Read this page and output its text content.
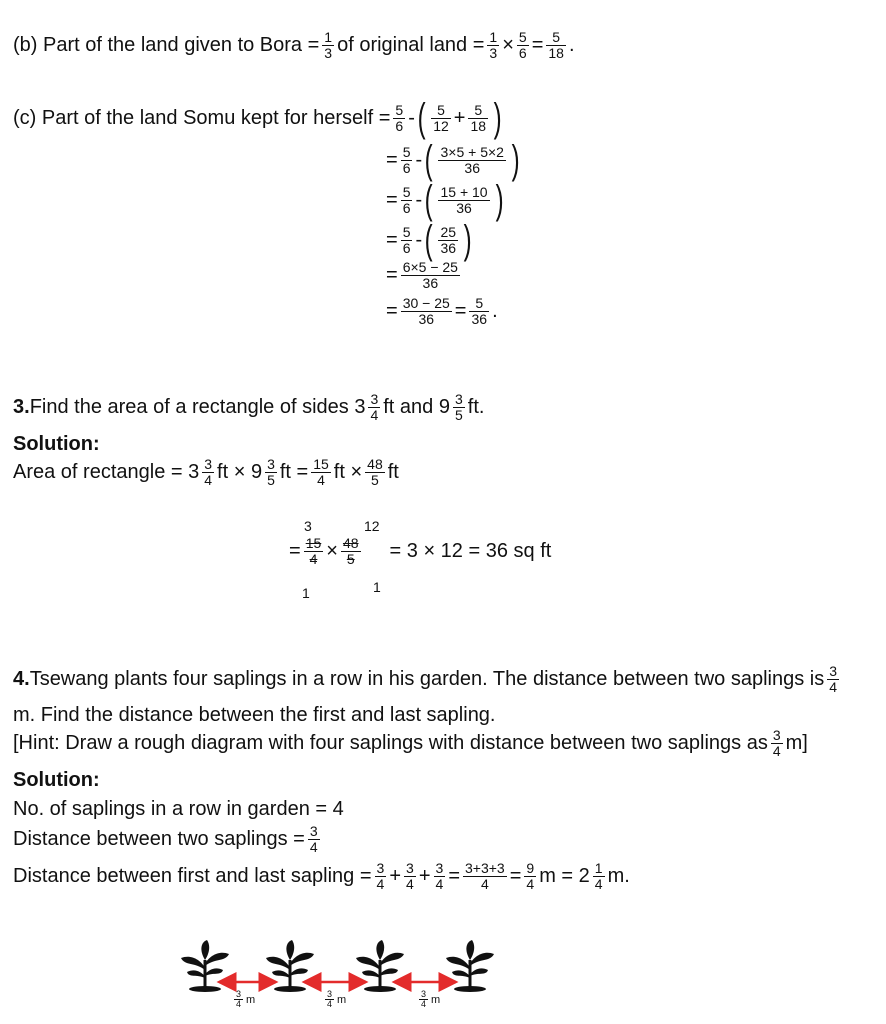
(b) Part of the land given to Bora = $\frac{1}{3}$ of original land = $\frac{1}{3} \times \frac{5}{6} = \frac{5}{18}$ .
(c) Part of the land Somu kept for herself = $\frac{5}{6}$ - ( $\frac{5}{12} + \frac{5}{18}$ )
= $\frac{5}{6}$ - ( $\frac{3\times 5 + 5\times 2}{36}$ )
= $\frac{5}{6}$ - ( $\frac{15 + 10}{36}$ )
= $\frac{5}{6}$ - ( $\frac{25}{36}$ )
= $\frac{6\times 5 - 25}{36}$
= $\frac{30 - 25}{36} = \frac{5}{36}$ .
3. Find the area of a rectangle of sides $3 \frac{3}{4}$ ft and $9 \frac{3}{5}$ ft.
Solution:
Area of rectangle = $3 \frac{3}{4}$ ft × $9 \frac{3}{5}$ ft = $\frac{15}{4}$ ft × $\frac{48}{5}$ ft
3	12
= $\frac{15}{4} \times \frac{48}{5} = 3 \times 12 = 36$ sq ft
1	1
4. Tsewang plants four saplings in a row in his garden. The distance between two saplings is $\frac{3}{4}$
m. Find the distance between the first and last sapling.
[Hint: Draw a rough diagram with four saplings with distance between two saplings as $\frac{3}{4} m$]
Solution:
No. of saplings in a row in garden = 4
Distance between two saplings = $\frac{3}{4}$
Distance between first and last sapling = $\frac{3}{4} + \frac{3}{4} + \frac{3}{4} = \frac{3+3+3}{4} = \frac{9}{4}$ $m = 2 \frac{1}{4} m$.
$\frac{3}{4}$ m	$\frac{3}{4}$ m	$\frac{3}{4}$ m
